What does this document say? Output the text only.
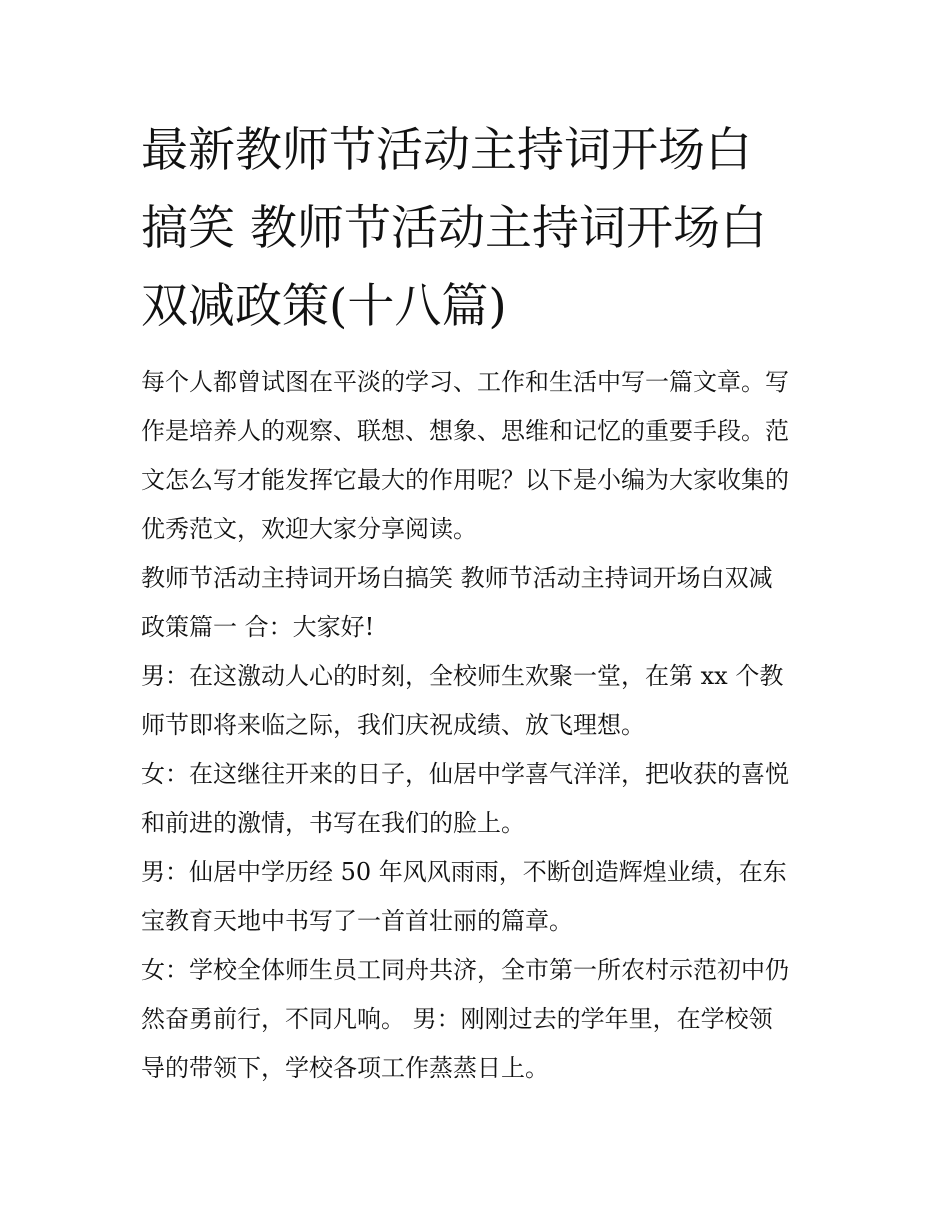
最新教师节活动主持词开场白
搞笑 教师节活动主持词开场白
双减政策(十八篇)

每个人都曾试图在平淡的学习、工作和生活中写一篇文章。写
作是培养人的观察、联想、想象、思维和记忆的重要手段。范
文怎么写才能发挥它最大的作用呢？以下是小编为大家收集的
优秀范文，欢迎大家分享阅读。

教师节活动主持词开场白搞笑 教师节活动主持词开场白双减
政策篇一 合：大家好!

男：在这激动人心的时刻，全校师生欢聚一堂，在第 xx 个教
师节即将来临之际，我们庆祝成绩、放飞理想。

女：在这继往开来的日子，仙居中学喜气洋洋，把收获的喜悦
和前进的激情，书写在我们的脸上。

男：仙居中学历经 50 年风风雨雨，不断创造辉煌业绩，在东
宝教育天地中书写了一首首壮丽的篇章。

女：学校全体师生员工同舟共济，全市第一所农村示范初中仍
然奋勇前行，不同凡响。 男：刚刚过去的学年里，在学校领
导的带领下，学校各项工作蒸蒸日上。
